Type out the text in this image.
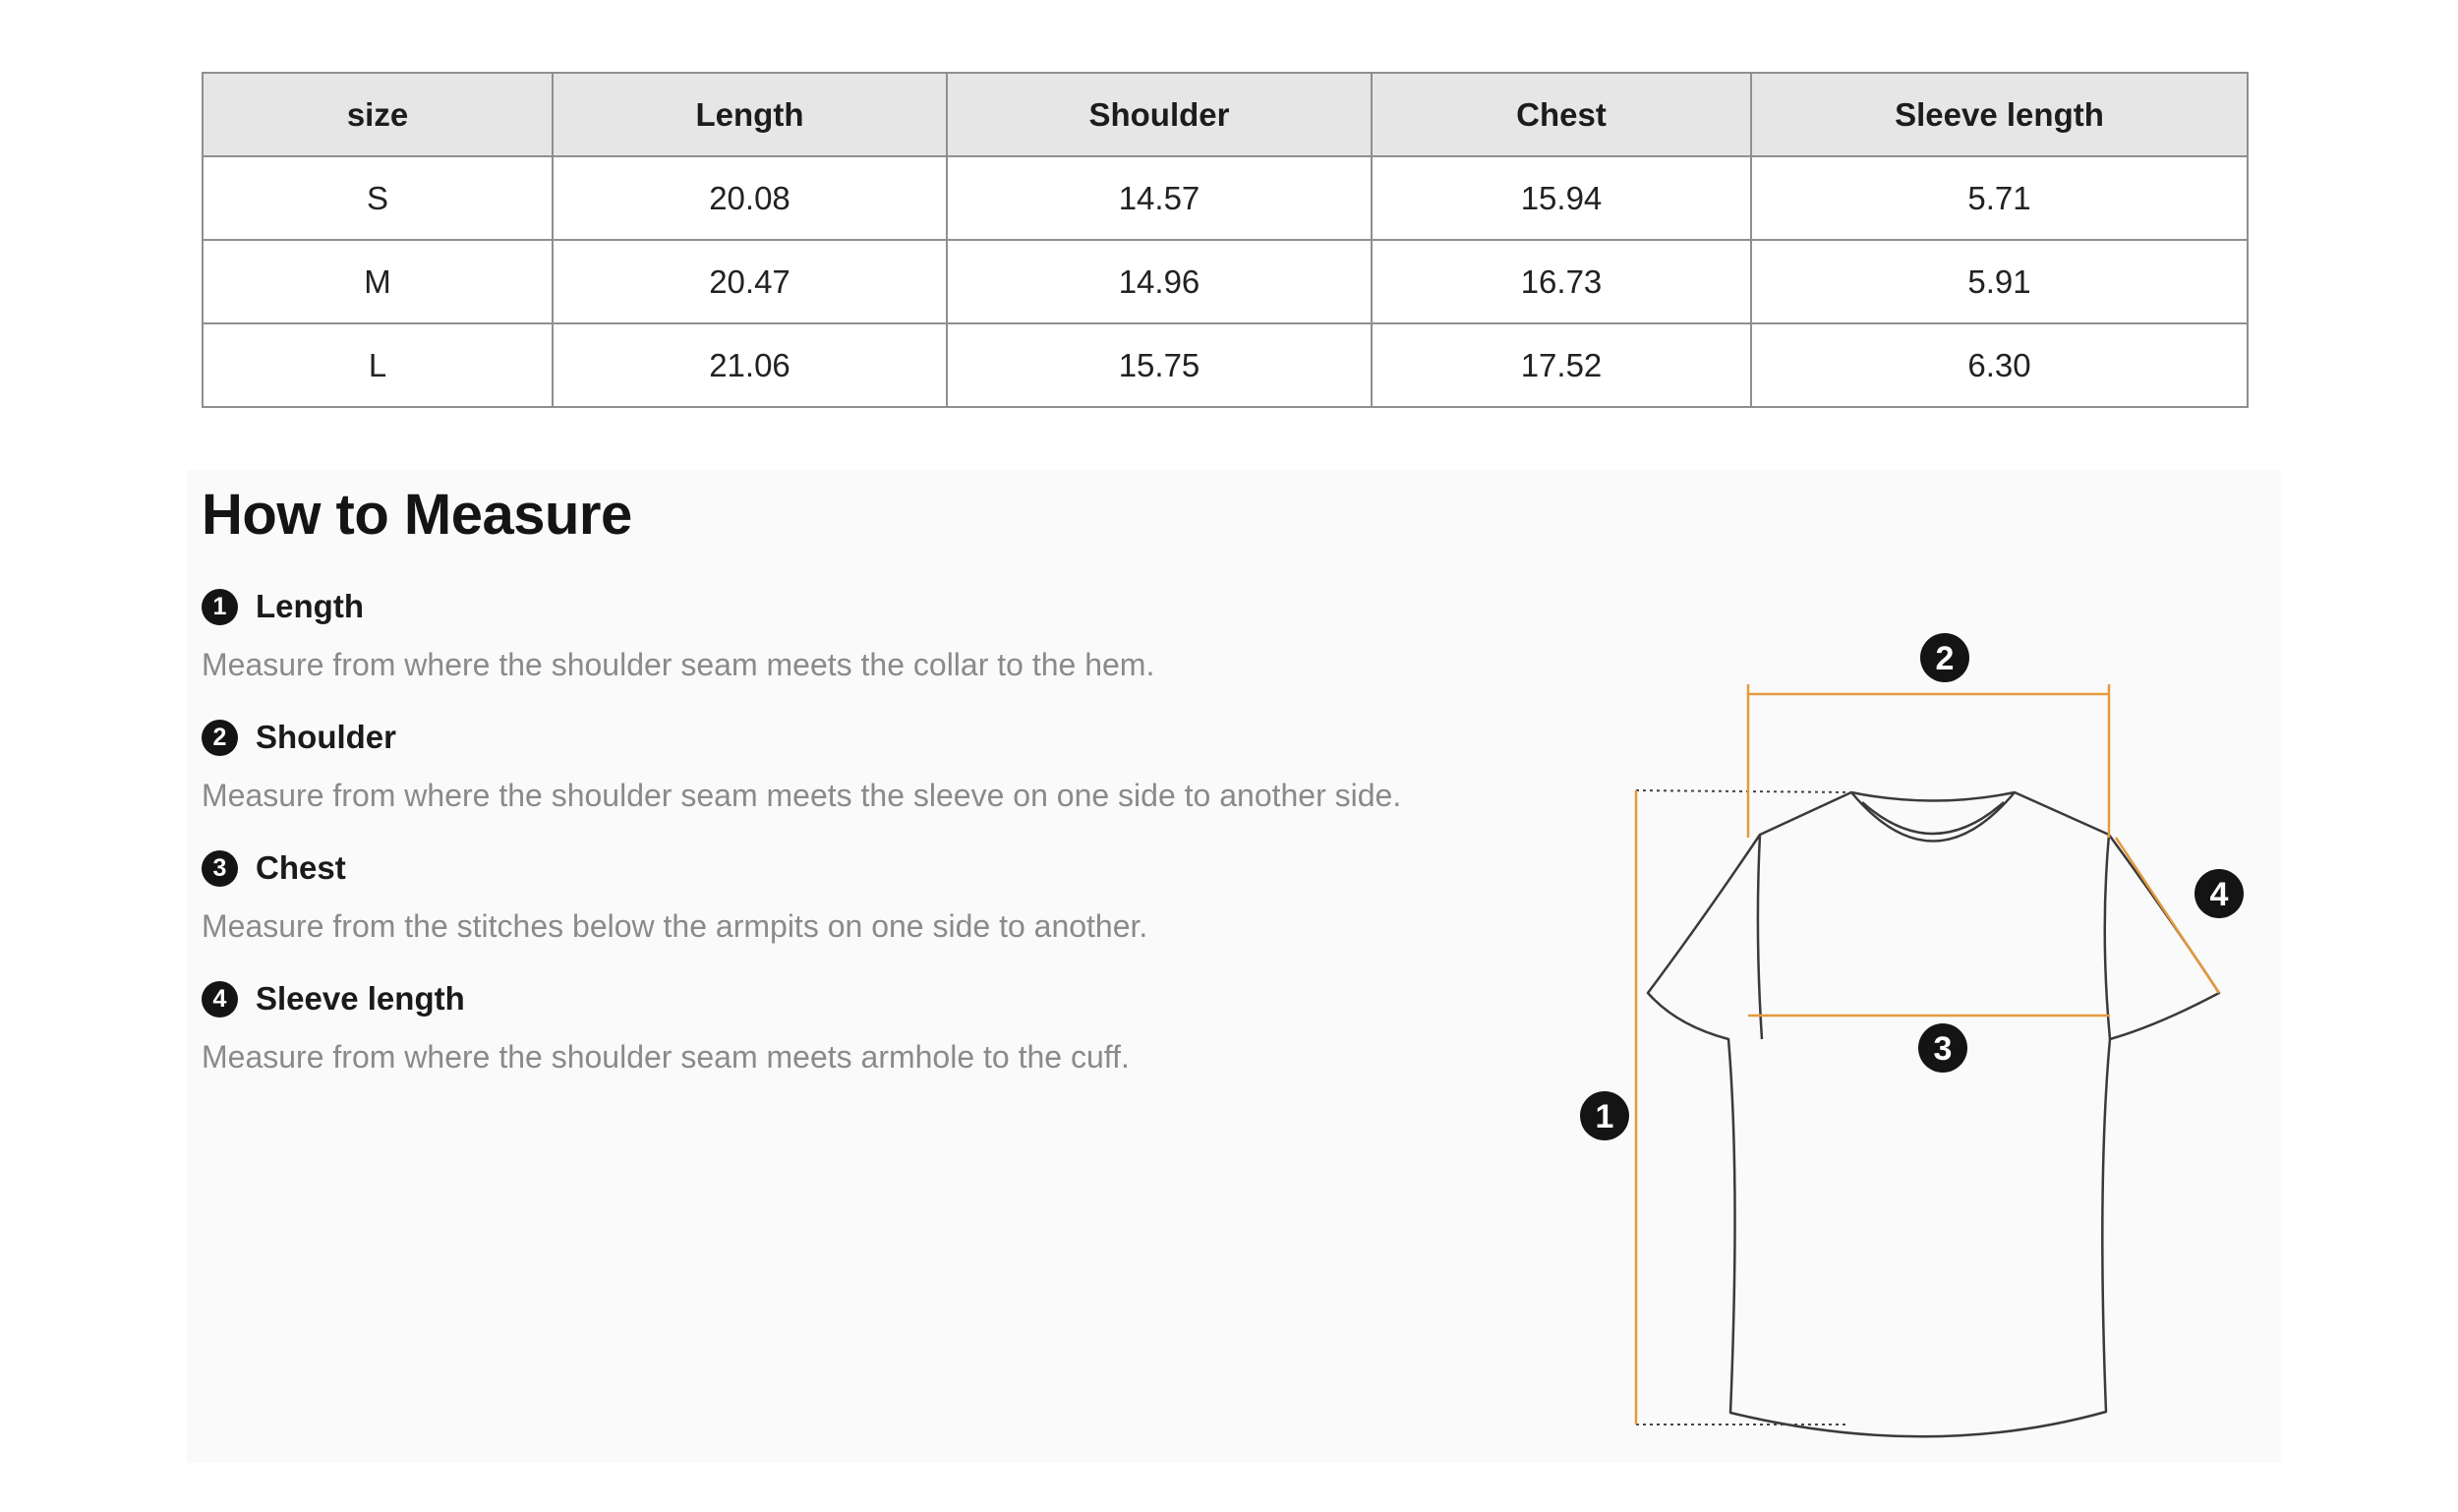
size	Length	Shoulder	Chest	Sleeve length
S	20.08	14.57	15.94	5.71
M	20.47	14.96	16.73	5.91
L	21.06	15.75	17.52	6.30
How to Measure
1 Length
Measure from where the shoulder seam meets the collar to the hem.
2 Shoulder
Measure from where the shoulder seam meets the sleeve on one side to another side.
3 Chest
Measure from the stitches below the armpits on one side to another.
4 Sleeve length
Measure from where the shoulder seam meets armhole to the cuff.
1
2
3
4
